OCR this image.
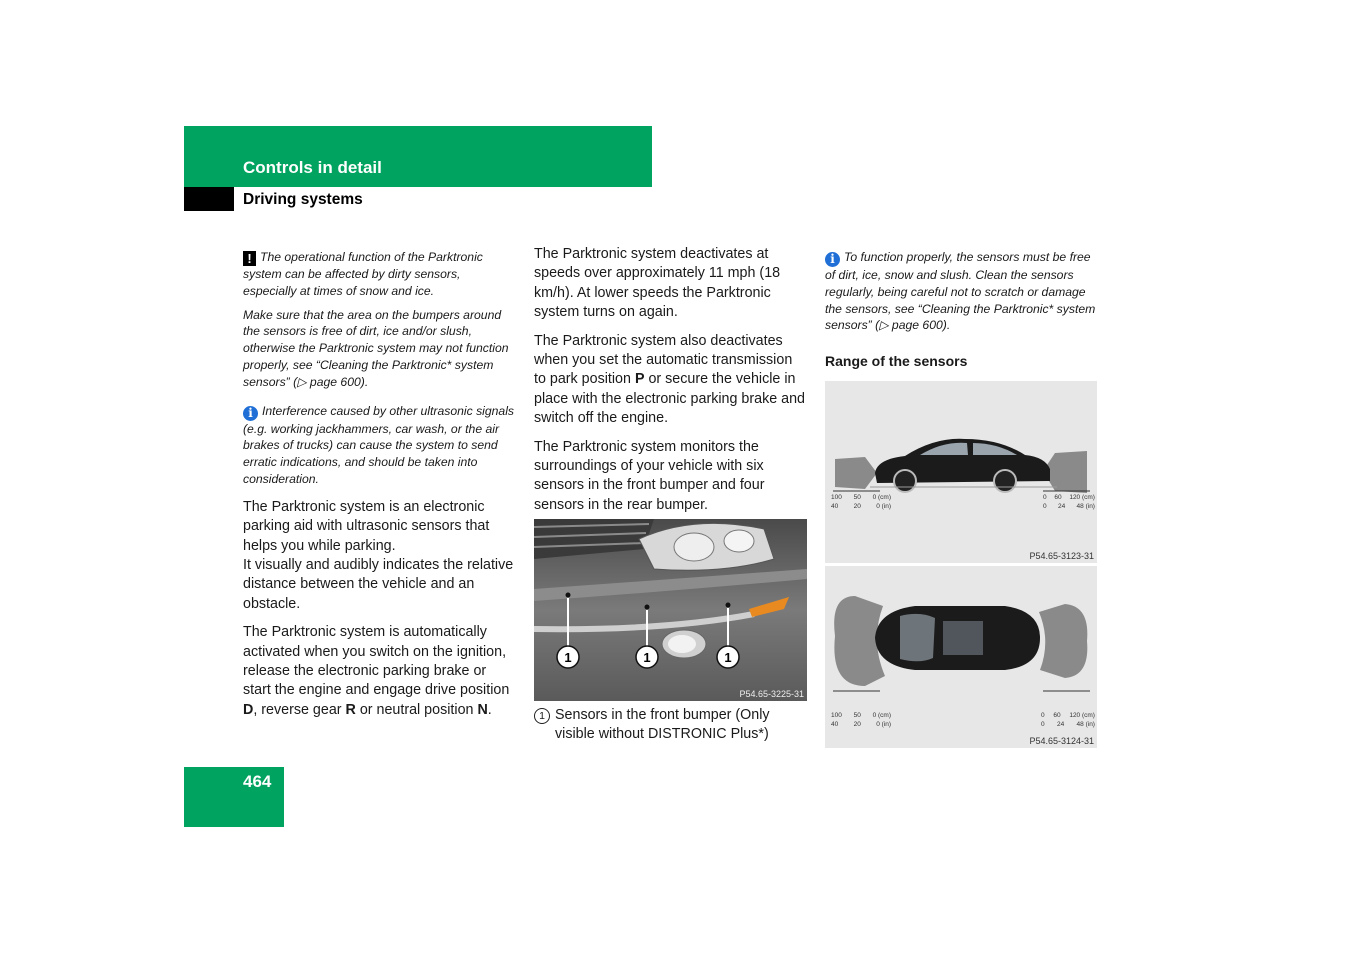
Controls in detail
Driving systems

! The operational function of the Parktronic system can be affected by dirty sensors, especially at times of snow and ice.

Make sure that the area on the bumpers around the sensors is free of dirt, ice and/or slush, otherwise the Parktronic system may not function properly, see “Cleaning the Parktronic* system sensors” (▷ page 600).

i Interference caused by other ultrasonic signals (e.g. working jackhammers, car wash, or the air brakes of trucks) can cause the system to send erratic indications, and should be taken into consideration.

The Parktronic system is an electronic parking aid with ultrasonic sensors that helps you while parking.

It visually and audibly indicates the relative distance between the vehicle and an obstacle.

The Parktronic system is automatically activated when you switch on the ignition, release the electronic parking brake or start the engine and engage drive position D, reverse gear R or neutral position N.

The Parktronic system deactivates at speeds over approximately 11 mph (18 km/h). At lower speeds the Parktronic system turns on again.

The Parktronic system also deactivates when you set the automatic transmission to park position P or secure the vehicle in place with the electronic parking brake and switch off the engine.

The Parktronic system monitors the surroundings of your vehicle with six sensors in the front bumper and four sensors in the rear bumper.

1	1	1
P54.65-3225-31
1 Sensors in the front bumper (Only visible without DISTRONIC Plus*)

i To function properly, the sensors must be free of dirt, ice, snow and slush. Clean the sensors regularly, being careful not to scratch or damage the sensors, see “Cleaning the Parktronic* system sensors” (▷ page 600).

Range of the sensors

100 50 0 (cm)
40 20 0 (in)
0 60 120 (cm)
0 24 48 (in)
P54.65-3123-31
100 50 0 (cm)
40 20 0 (in)
0 60 120 (cm)
0 24 48 (in)
P54.65-3124-31
464
